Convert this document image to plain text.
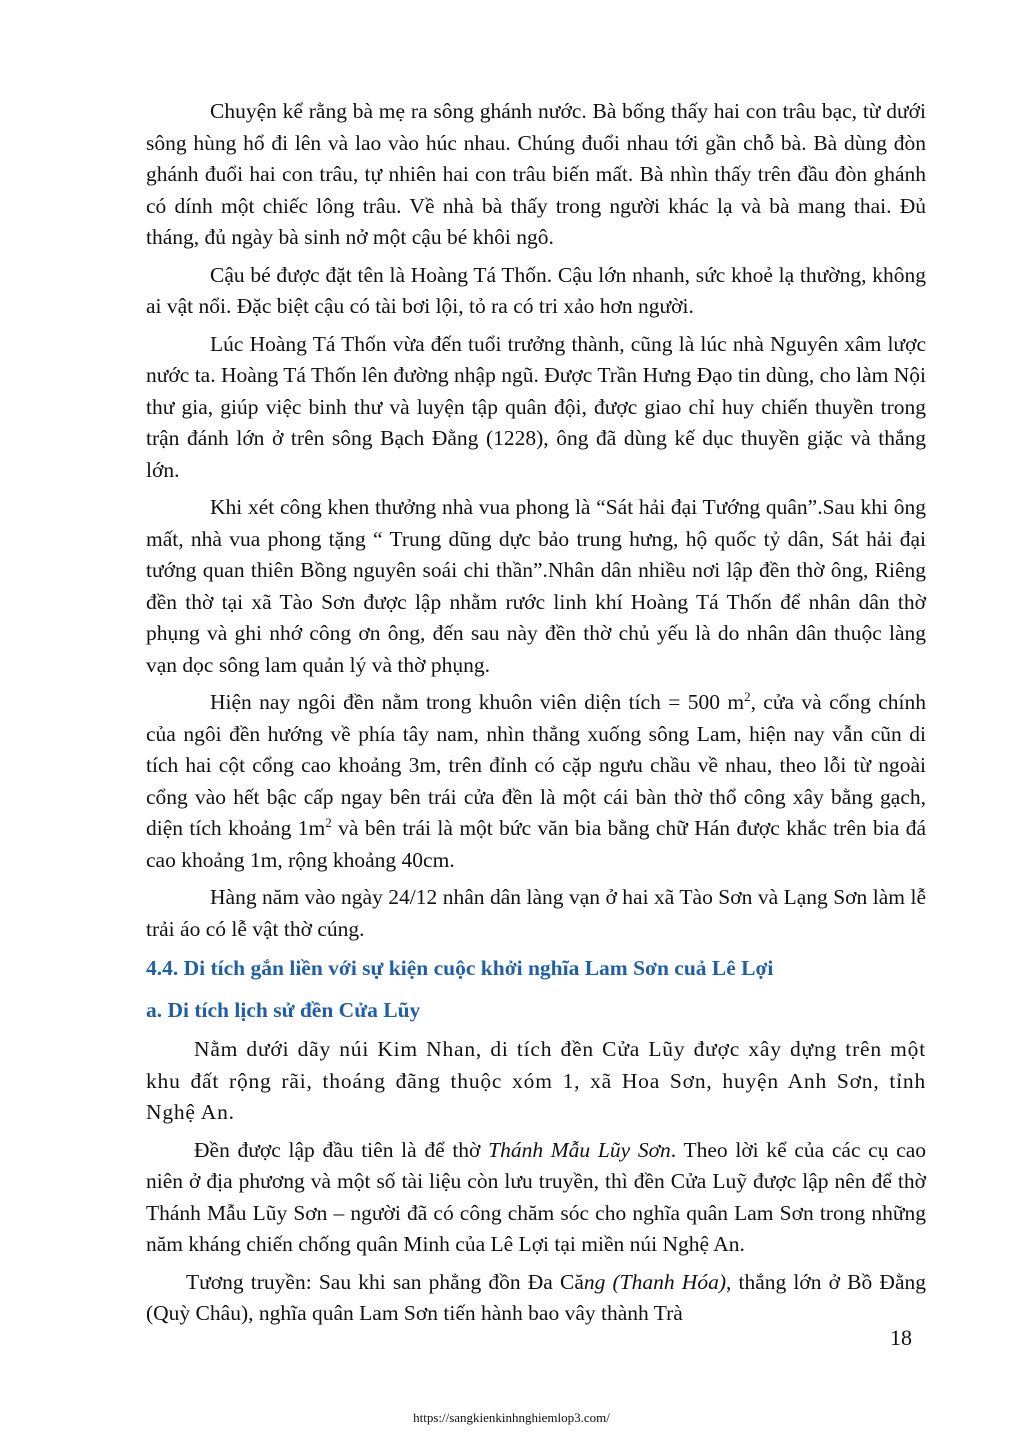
Chuyện kể rằng bà mẹ ra sông ghánh nước. Bà bống thấy hai con trâu bạc, từ dưới sông hùng hổ đi lên và lao vào húc nhau. Chúng đuổi nhau tới gần chỗ bà. Bà dùng đòn ghánh đuổi hai con trâu, tự nhiên hai con trâu biến mất. Bà nhìn thấy trên đầu đòn ghánh có dính một chiếc lông trâu. Về nhà bà thấy trong người khác lạ và bà mang thai. Đủ tháng, đủ ngày bà sinh nở một cậu bé khôi ngô.

Cậu bé được đặt tên là Hoàng Tá Thốn. Cậu lớn nhanh, sức khoẻ lạ thường, không ai vật nổi. Đặc biệt cậu có tài bơi lội, tỏ ra có tri xảo hơn người.

Lúc Hoàng Tá Thốn vừa đến tuổi trưởng thành, cũng là lúc nhà Nguyên xâm lược nước ta. Hoàng Tá Thốn lên đường nhập ngũ. Được Trần Hưng Đạo tin dùng, cho làm Nội thư gia, giúp việc binh thư và luyện tập quân đội, được giao chỉ huy chiến thuyền trong trận đánh lớn ở trên sông Bạch Đằng (1228), ông đã dùng kế dục thuyền giặc và thắng lớn.

Khi xét công khen thưởng nhà vua phong là “Sát hải đại Tướng quân”.Sau khi ông mất, nhà vua phong tặng “ Trung dũng dực bảo trung hưng, hộ quốc tỷ dân, Sát hải đại tướng quan thiên Bồng nguyên soái chi thần”.Nhân dân nhiều nơi lập đền thờ ông, Riêng đền thờ tại xã Tào Sơn được lập nhằm rước linh khí Hoàng Tá Thốn để nhân dân thờ phụng và ghi nhớ công ơn ông, đến sau này đền thờ chủ yếu là do nhân dân thuộc làng vạn dọc sông lam quản lý và thờ phụng.

Hiện nay ngôi đền nằm trong khuôn viên diện tích = 500 $m^2$, cửa và cổng chính của ngôi đền hướng về phía tây nam, nhìn thẳng xuống sông Lam, hiện nay vẫn cũn di tích hai cột cổng cao khoảng 3m, trên đỉnh có cặp ngưu chầu về nhau, theo lỗi từ ngoài cổng vào hết bậc cấp ngay bên trái cửa đền là một cái bàn thờ thổ công xây bằng gạch, diện tích khoảng $1m^2$ và bên trái là một bức văn bia bằng chữ Hán được khắc trên bia đá cao khoảng 1m, rộng khoảng 40cm.

Hàng năm vào ngày 24/12 nhân dân làng vạn ở hai xã Tào Sơn và Lạng Sơn làm lễ trải áo có lễ vật thờ cúng.

4.4. Di tích gắn liền với sự kiện cuộc khởi nghĩa Lam Sơn cuả Lê Lợi
a. Di tích lịch sử đền Cửa Lũy

Nằm dưới dãy núi Kim Nhan, di tích đền Cửa Lũy được xây dựng trên một khu đất rộng rãi, thoáng đãng thuộc xóm 1, xã Hoa Sơn, huyện Anh Sơn, tỉnh Nghệ An.

Đền được lập đầu tiên là để thờ Thánh Mẫu Lũy Sơn. Theo lời kể của các cụ cao niên ở địa phương và một số tài liệu còn lưu truyền, thì đền Cửa Luỹ được lập nên để thờ Thánh Mẫu Lũy Sơn – người đã có công chăm sóc cho nghĩa quân Lam Sơn trong những năm kháng chiến chống quân Minh của Lê Lợi tại miền núi Nghệ An.

Tương truyền: Sau khi san phẳng đồn Đa Căng (Thanh Hóa), thắng lớn ở Bồ Đằng (Quỳ Châu), nghĩa quân Lam Sơn tiến hành bao vây thành Trà

18
https://sangkienkinhnghiemlop3.com/
